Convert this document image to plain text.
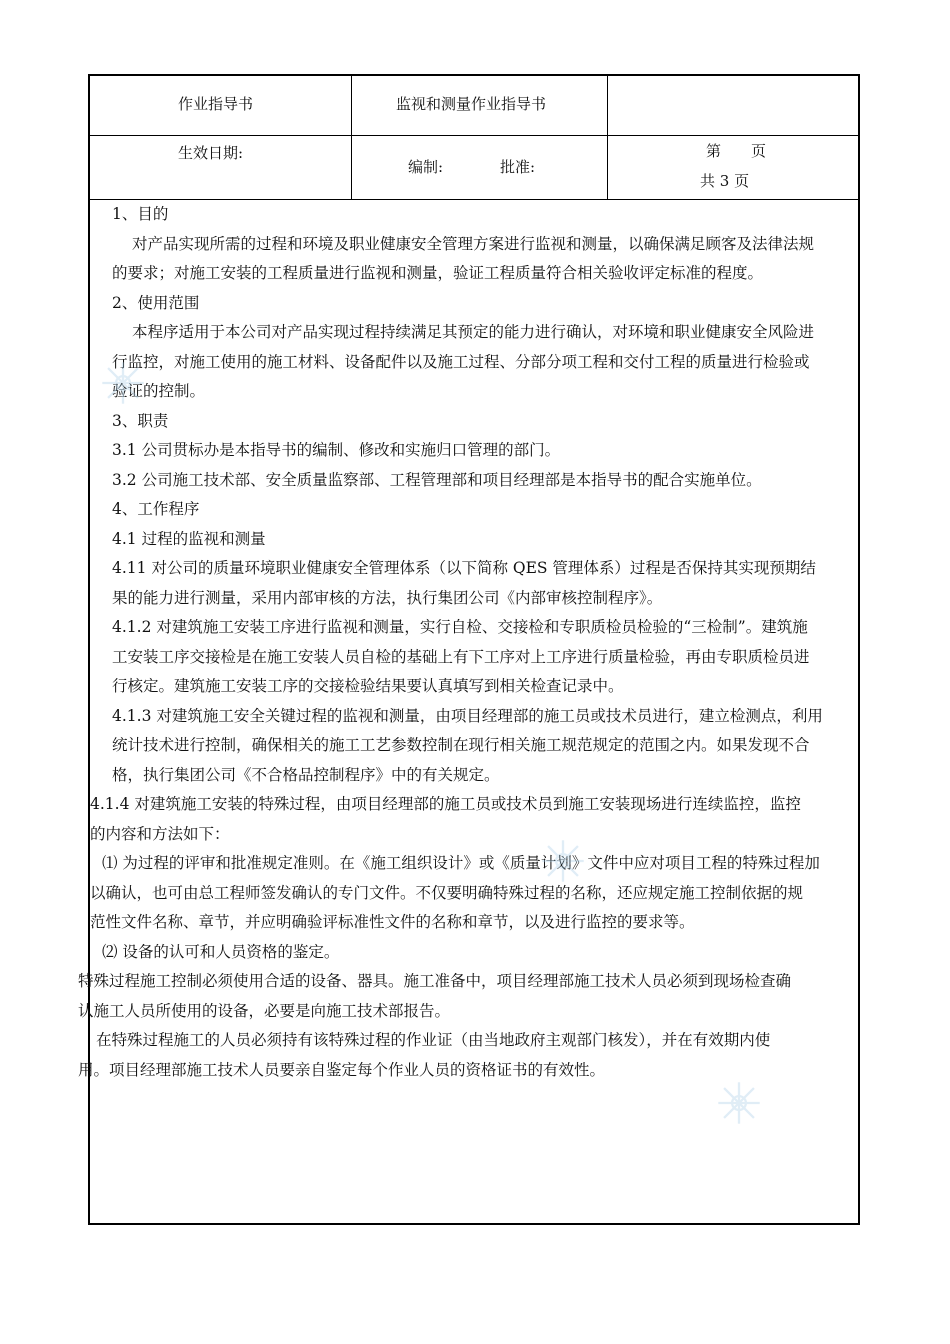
作业指导书	监视和测量作业指导书
生效日期:
编制:	批准:
第　　页
共 3 页

1、目的

对产品实现所需的过程和环境及职业健康安全管理方案进行监视和测量，以确保满足顾客及法律法规

的要求；对施工安装的工程质量进行监视和测量，验证工程质量符合相关验收评定标准的程度。

2、使用范围

本程序适用于本公司对产品实现过程持续满足其预定的能力进行确认，对环境和职业健康安全风险进

行监控，对施工使用的施工材料、设备配件以及施工过程、分部分项工程和交付工程的质量进行检验或

验证的控制。

3、职责

3.1 公司贯标办是本指导书的编制、修改和实施归口管理的部门。

3.2 公司施工技术部、安全质量监察部、工程管理部和项目经理部是本指导书的配合实施单位。

4、工作程序

4.1 过程的监视和测量

4.11 对公司的质量环境职业健康安全管理体系（以下简称 QES 管理体系）过程是否保持其实现预期结

果的能力进行测量，采用内部审核的方法，执行集团公司《内部审核控制程序》。

4.1.2 对建筑施工安装工序进行监视和测量，实行自检、交接检和专职质检员检验的“三检制”。建筑施

工安装工序交接检是在施工安装人员自检的基础上有下工序对上工序进行质量检验，再由专职质检员进

行核定。建筑施工安装工序的交接检验结果要认真填写到相关检查记录中。

4.1.3 对建筑施工安全关键过程的监视和测量，由项目经理部的施工员或技术员进行，建立检测点，利用

统计技术进行控制，确保相关的施工工艺参数控制在现行相关施工规范规定的范围之内。如果发现不合

格，执行集团公司《不合格品控制程序》中的有关规定。

4.1.4 对建筑施工安装的特殊过程，由项目经理部的施工员或技术员到施工安装现场进行连续监控，监控

的内容和方法如下：

⑴ 为过程的评审和批准规定准则。在《施工组织设计》或《质量计划》文件中应对项目工程的特殊过程加

以确认，也可由总工程师签发确认的专门文件。不仅要明确特殊过程的名称，还应规定施工控制依据的规

范性文件名称、章节，并应明确验评标准性文件的名称和章节，以及进行监控的要求等。

⑵ 设备的认可和人员资格的鉴定。

特殊过程施工控制必须使用合适的设备、器具。施工准备中，项目经理部施工技术人员必须到现场检查确

认施工人员所使用的设备，必要是向施工技术部报告。

在特殊过程施工的人员必须持有该特殊过程的作业证（由当地政府主观部门核发），并在有效期内使

用。项目经理部施工技术人员要亲自鉴定每个作业人员的资格证书的有效性。
